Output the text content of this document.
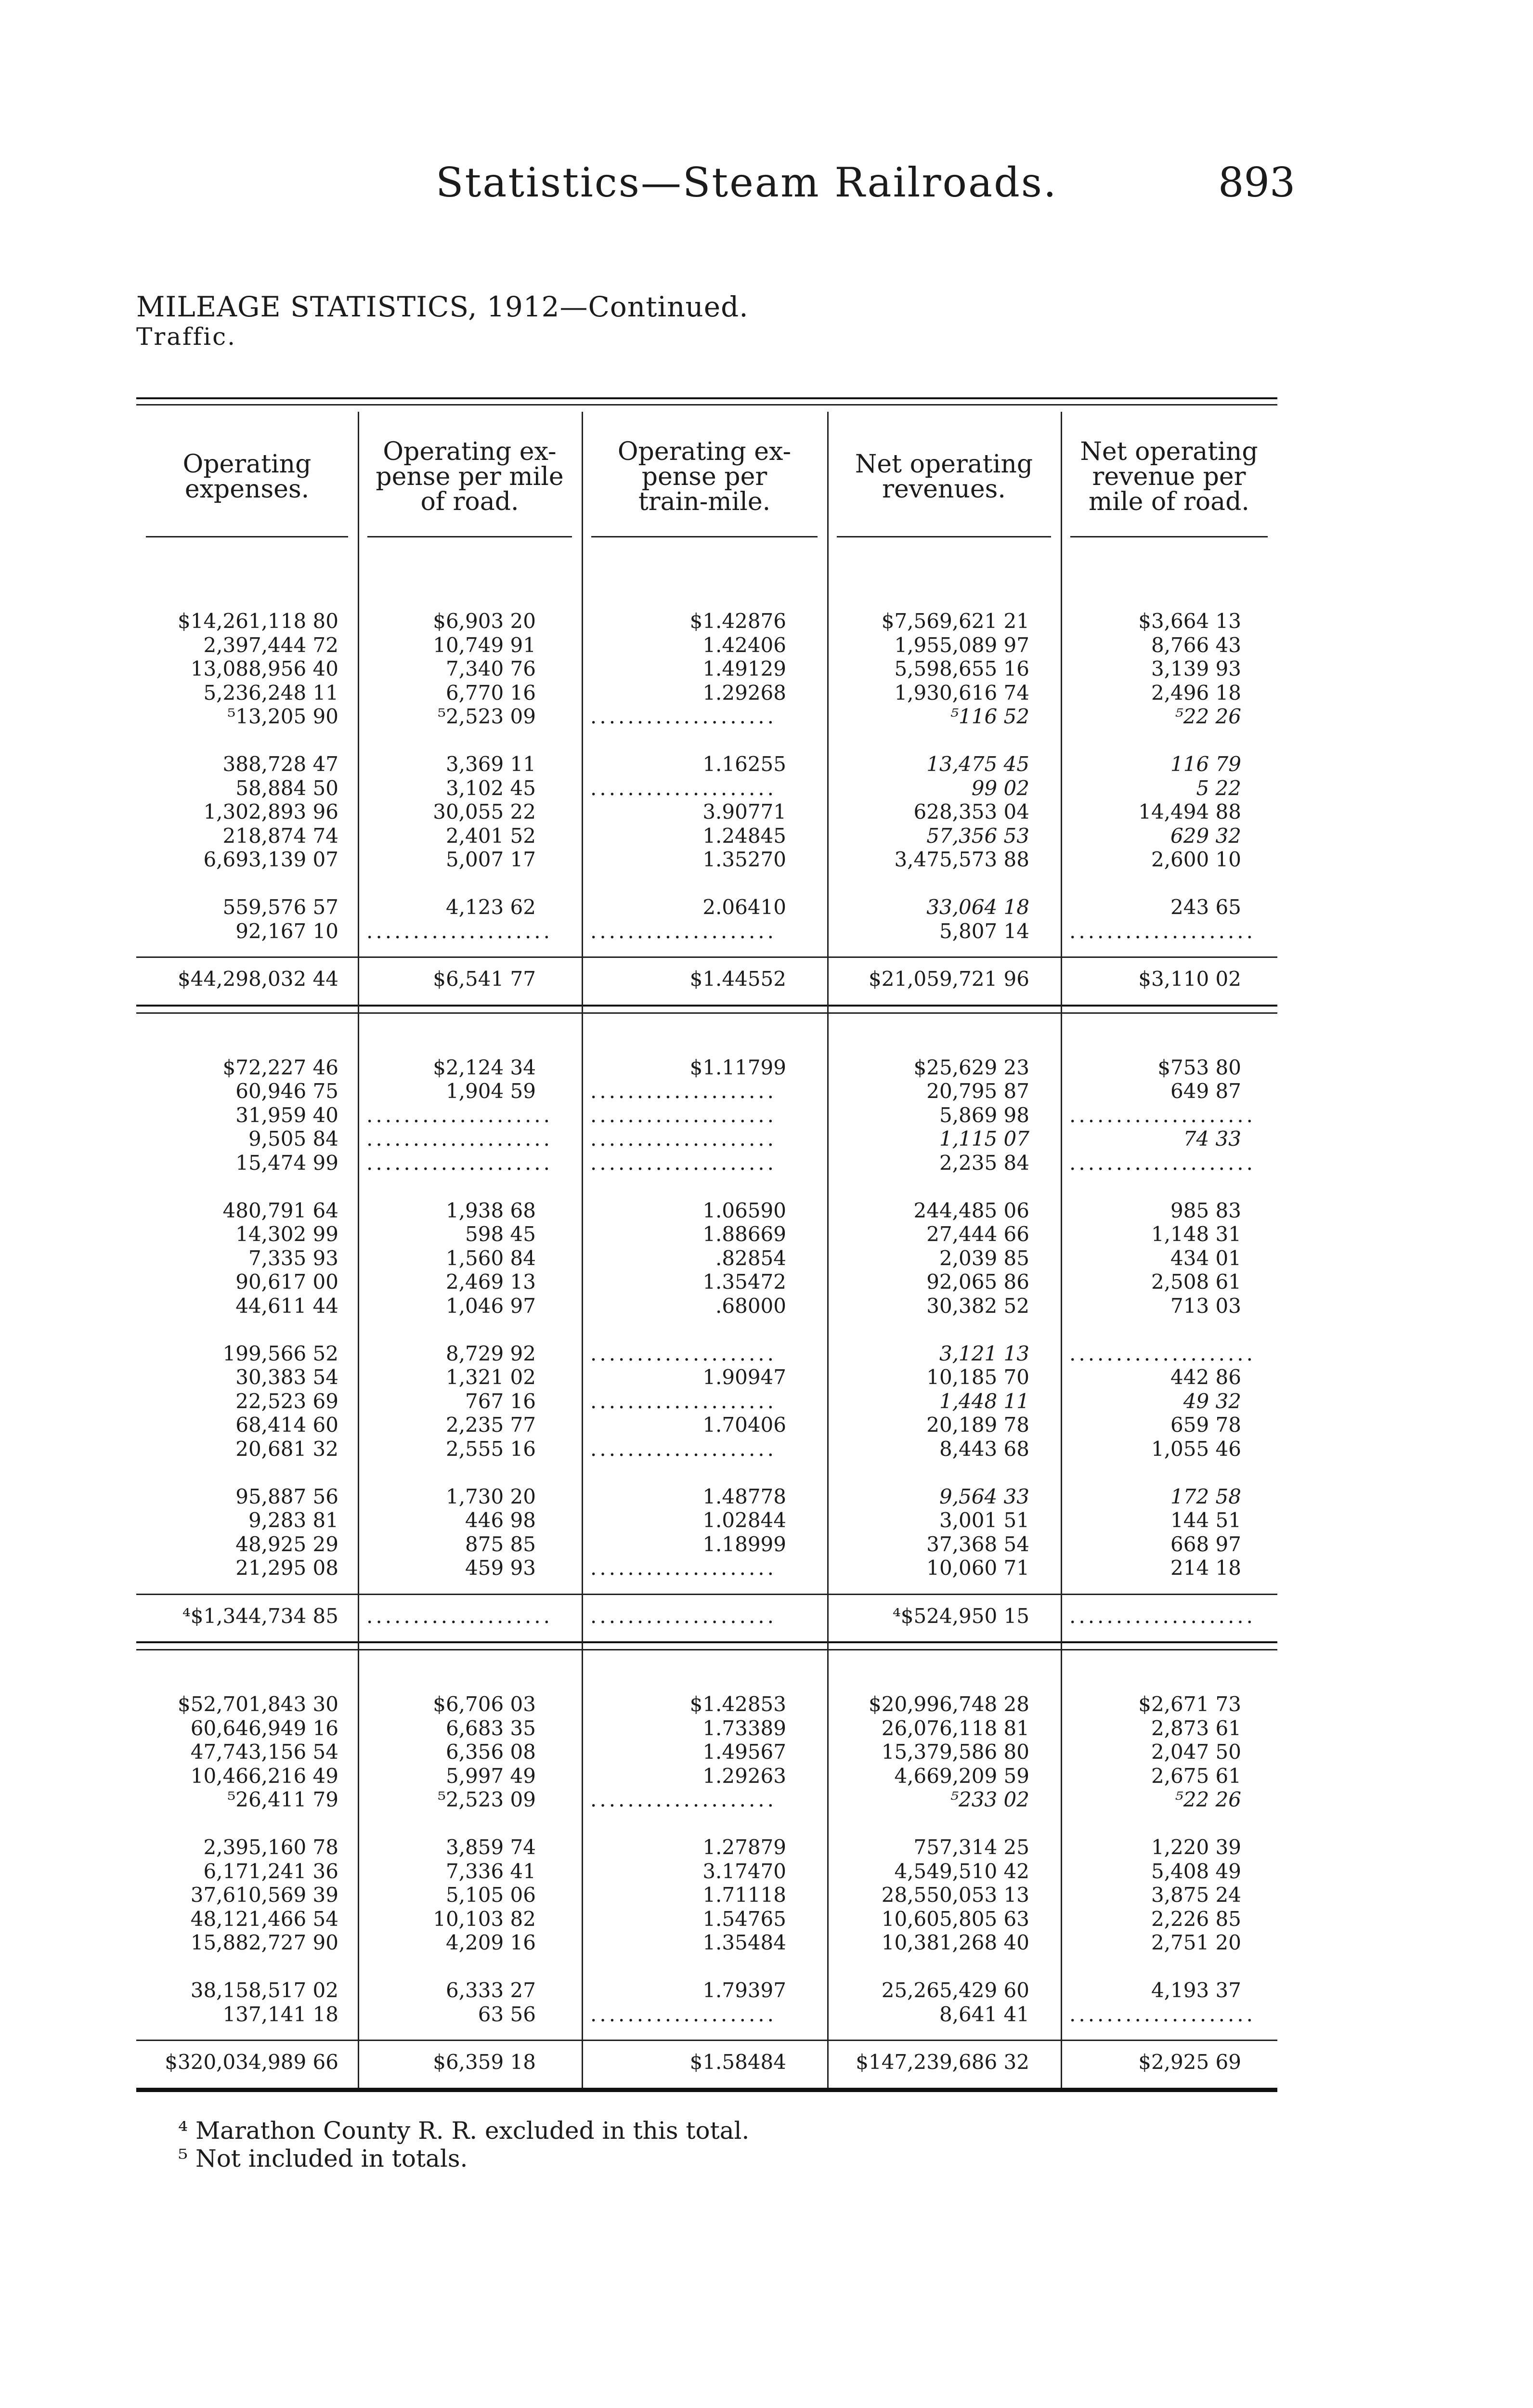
Statistics—Steam Railroads.	893
MILEAGE STATISTICS, 1912—Continued.
Traffic.
Operating
expenses.
Operating ex-
pense per mile
of road.
Operating ex-
pense per
train-mile.
Net operating
revenues.
Net operating
revenue per
mile of road.
$14,261,118 80	$6,903 20	$1.42876	$7,569,621 21	$3,664 13
2,397,444 72	10,749 91	1.42406	1,955,089 97	8,766 43
13,088,956 40	7,340 76	1.49129	5,598,655 16	3,139 93
5,236,248 11	6,770 16	1.29268	1,930,616 74	2,496 18
⁵13,205 90	⁵2,523 09	....................	⁵116 52	⁵22 26
388,728 47	3,369 11	1.16255	13,475 45	116 79
58,884 50	3,102 45	....................	99 02	5 22
1,302,893 96	30,055 22	3.90771	628,353 04	14,494 88
218,874 74	2,401 52	1.24845	57,356 53	629 32
6,693,139 07	5,007 17	1.35270	3,475,573 88	2,600 10
559,576 57	4,123 62	2.06410	33,064 18	243 65
92,167 10 ....................	....................	5,807 14 ....................
$44,298,032 44	$6,541 77	$1.44552	$21,059,721 96	$3,110 02
$72,227 46	$2,124 34	$1.11799	$25,629 23	$753 80
60,946 75	1,904 59	....................	20,795 87	649 87
31,959 40 ....................	....................	5,869 98 ....................
9,505 84 ....................	....................	1,115 07	74 33
15,474 99 ....................	....................	2,235 84 ....................
480,791 64	1,938 68	1.06590	244,485 06	985 83
14,302 99	598 45	1.88669	27,444 66	1,148 31
7,335 93	1,560 84	.82854	2,039 85	434 01
90,617 00	2,469 13	1.35472	92,065 86	2,508 61
44,611 44	1,046 97	.68000	30,382 52	713 03
199,566 52	8,729 92	....................	3,121 13 ....................
30,383 54	1,321 02	1.90947	10,185 70	442 86
22,523 69	767 16	....................	1,448 11	49 32
68,414 60	2,235 77	1.70406	20,189 78	659 78
20,681 32	2,555 16	....................	8,443 68	1,055 46
95,887 56	1,730 20	1.48778	9,564 33	172 58
9,283 81	446 98	1.02844	3,001 51	144 51
48,925 29	875 85	1.18999	37,368 54	668 97
21,295 08	459 93	....................	10,060 71	214 18
⁴$1,344,734 85 ....................	....................	⁴$524,950 15 ....................
$52,701,843 30	$6,706 03	$1.42853	$20,996,748 28	$2,671 73
60,646,949 16	6,683 35	1.73389	26,076,118 81	2,873 61
47,743,156 54	6,356 08	1.49567	15,379,586 80	2,047 50
10,466,216 49	5,997 49	1.29263	4,669,209 59	2,675 61
⁵26,411 79	⁵2,523 09	....................	⁵233 02	⁵22 26
2,395,160 78	3,859 74	1.27879	757,314 25	1,220 39
6,171,241 36	7,336 41	3.17470	4,549,510 42	5,408 49
37,610,569 39	5,105 06	1.71118	28,550,053 13	3,875 24
48,121,466 54	10,103 82	1.54765	10,605,805 63	2,226 85
15,882,727 90	4,209 16	1.35484	10,381,268 40	2,751 20
38,158,517 02	6,333 27	1.79397	25,265,429 60	4,193 37
137,141 18	63 56	....................	8,641 41 ....................
$320,034,989 66	$6,359 18	$1.58484	$147,239,686 32	$2,925 69
⁴ Marathon County R. R. excluded in this total.
⁵ Not included in totals.
